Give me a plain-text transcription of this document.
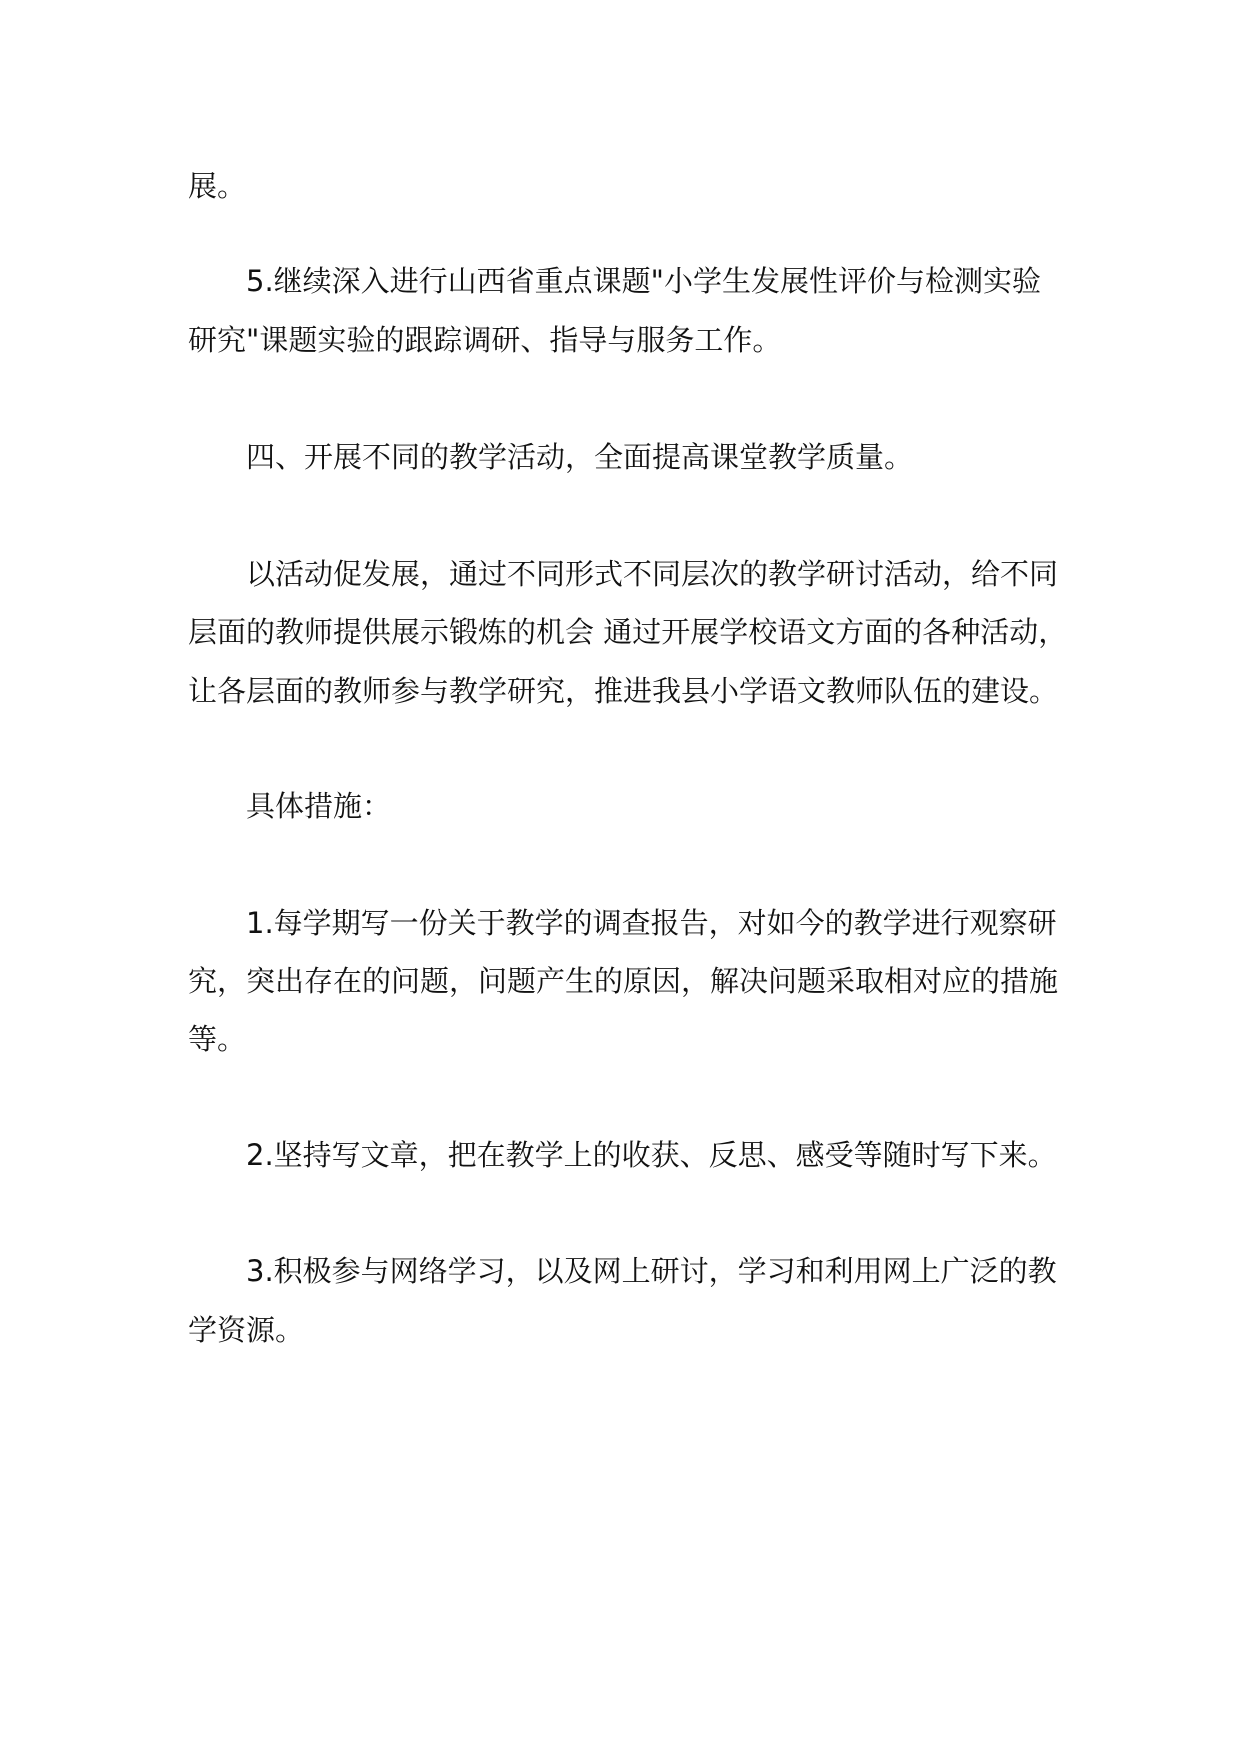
展。

5.继续深入进行山西省重点课题"小学生发展性评价与检测实验

研究"课题实验的跟踪调研、指导与服务工作。

四、开展不同的教学活动，全面提高课堂教学质量。

以活动促发展，通过不同形式不同层次的教学研讨活动，给不同

层面的教师提供展示锻炼的机会 通过开展学校语文方面的各种活动，

让各层面的教师参与教学研究，推进我县小学语文教师队伍的建设。

具体措施：

1.每学期写一份关于教学的调查报告，对如今的教学进行观察研

究，突出存在的问题，问题产生的原因，解决问题采取相对应的措施

等。

2.坚持写文章，把在教学上的收获、反思、感受等随时写下来。

3.积极参与网络学习，以及网上研讨，学习和利用网上广泛的教

学资源。
